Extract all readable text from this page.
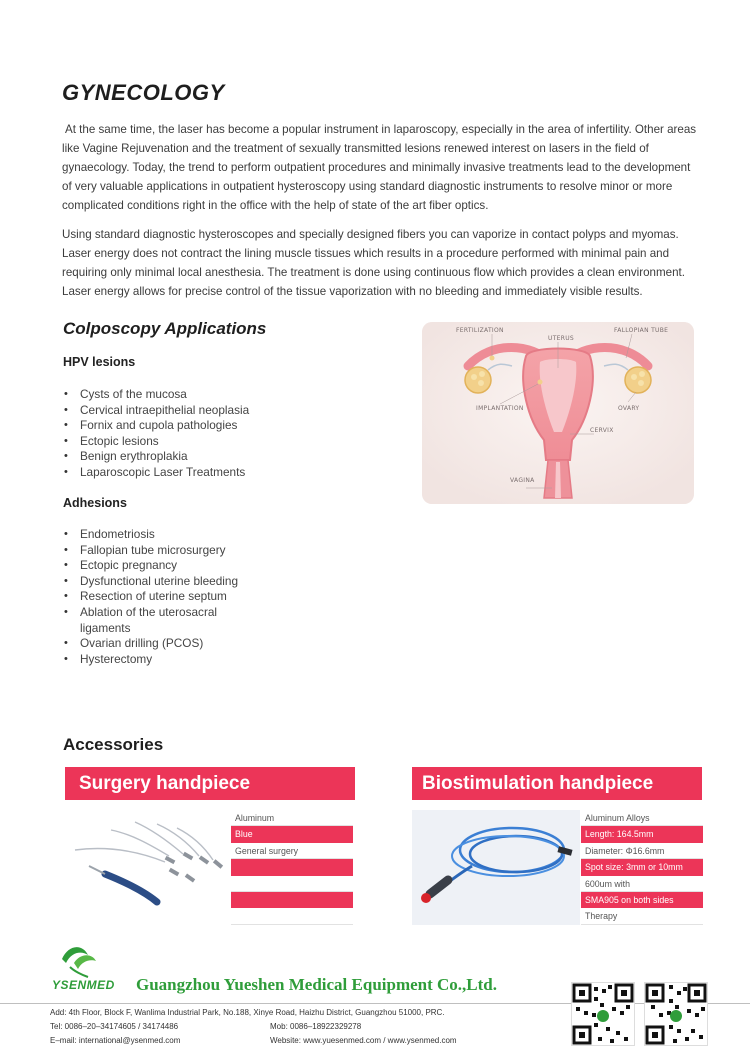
GYNECOLOGY

At the same time, the laser has become a popular instrument in laparoscopy, especially in the area of infertility. Other areas like Vagine Rejuvenation and the treatment of sexually transmitted lesions renewed interest on lasers in the field of gynaecology. Today, the trend to perform outpatient procedures and minimally invasive treatments lead to the development of very valuable applications in outpatient hysteroscopy using standard diagnostic instruments to resolve minor or more complicated conditions right in the office with the help of state of the art fiber optics.

Using standard diagnostic hysteroscopes and specially designed fibers you can vaporize in contact polyps and myomas. Laser energy does not contract the lining muscle tissues which results in a procedure performed with minimal pain and requiring only minimal local anesthesia. The treatment is done using continuous flow which provides a clean environment. Laser energy allows for precise control of the tissue vaporization with no bleeding and immediately visible results.

Colposcopy Applications
HPV lesions
• Cysts of the mucosa
• Cervical intraepithelial neoplasia
• Fornix and cupola pathologies
• Ectopic lesions
• Benign erythroplakia
• Laparoscopic Laser Treatments
Adhesions
• Endometriosis
• Fallopian tube microsurgery
• Ectopic pregnancy
• Dysfunctional uterine bleeding
• Resection of uterine septum
• Ablation of the uterosacral ligaments
• Ovarian drilling (PCOS)
• Hysterectomy
FERTILIZATION
UTERUS
FALLOPIAN TUBE
IMPLANTATION	OVARY
CERVIX
VAGINA
Accessories
Surgery handpiece	Biostimulation handpiece
Aluminum
Blue
General surgery
Aluminum Alloys
Length: 164.5mm
Diameter: Φ16.6mm
Spot size: 3mm or 10mm
600um with
SMA905 on both sides
Therapy
YSENMED Guangzhou Yueshen Medical Equipment Co.,Ltd.
Add: 4th Floor, Block F, Wanlima Industrial Park, No.188, Xinye Road, Haizhu District, Guangzhou 51000, PRC.
Tel: 0086–20–34174605 / 34174486	Mob: 0086–18922329278
E–mail: international@ysenmed.com	Website: www.yuesenmed.com / www.ysenmed.com
